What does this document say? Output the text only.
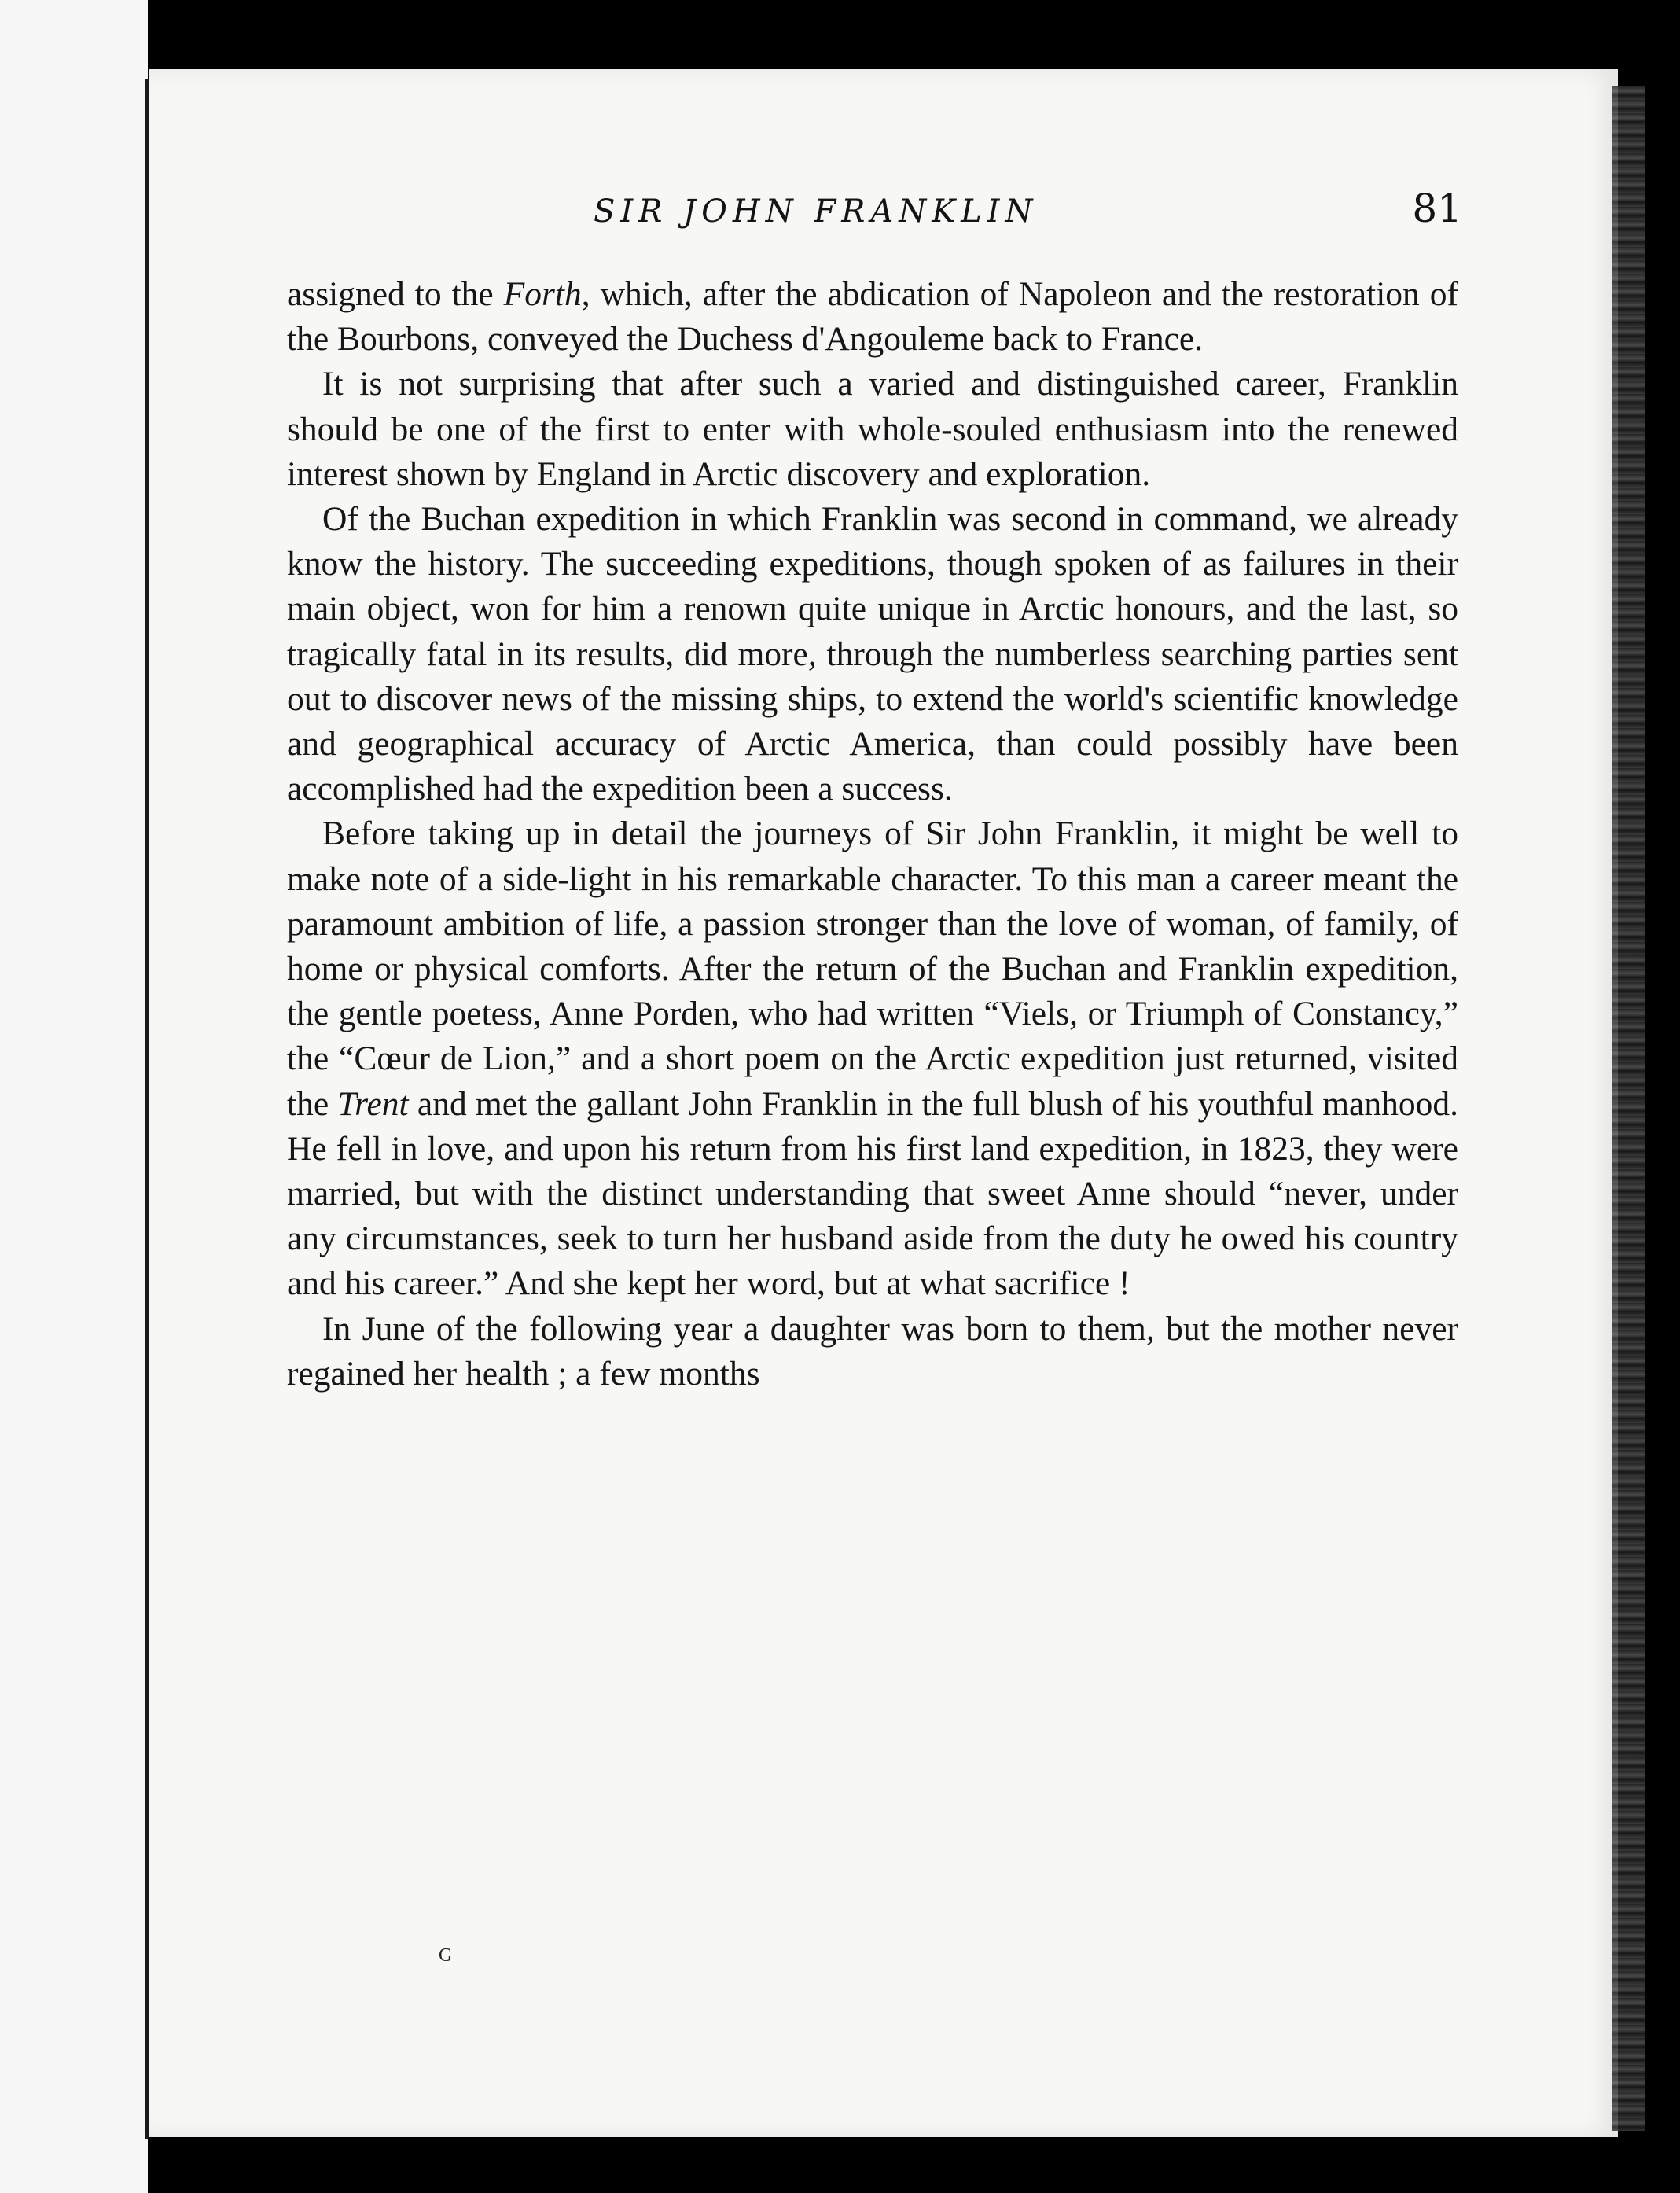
SIR JOHN FRANKLIN	81

assigned to the Forth, which, after the abdication of Napoleon and the restoration of the Bourbons, conveyed the Duchess d'Angouleme back to France.

It is not surprising that after such a varied and distinguished career, Franklin should be one of the first to enter with whole-souled enthusiasm into the renewed interest shown by England in Arctic discovery and exploration.

Of the Buchan expedition in which Franklin was second in command, we already know the history. The succeeding expeditions, though spoken of as failures in their main object, won for him a renown quite unique in Arctic honours, and the last, so tragically fatal in its results, did more, through the numberless searching parties sent out to discover news of the missing ships, to extend the world's scientific knowledge and geographical accuracy of Arctic America, than could possibly have been accomplished had the expedition been a success.

Before taking up in detail the journeys of Sir John Franklin, it might be well to make note of a side-light in his remarkable character. To this man a career meant the paramount ambition of life, a passion stronger than the love of woman, of family, of home or physical comforts. After the return of the Buchan and Franklin expedition, the gentle poetess, Anne Porden, who had written “Viels, or Triumph of Constancy,” the “Cœur de Lion,” and a short poem on the Arctic expedition just returned, visited the Trent and met the gallant John Franklin in the full blush of his youthful manhood. He fell in love, and upon his return from his first land expedition, in 1823, they were married, but with the distinct understanding that sweet Anne should “never, under any circumstances, seek to turn her husband aside from the duty he owed his country and his career.” And she kept her word, but at what sacrifice !

In June of the following year a daughter was born to them, but the mother never regained her health ; a few months

G
